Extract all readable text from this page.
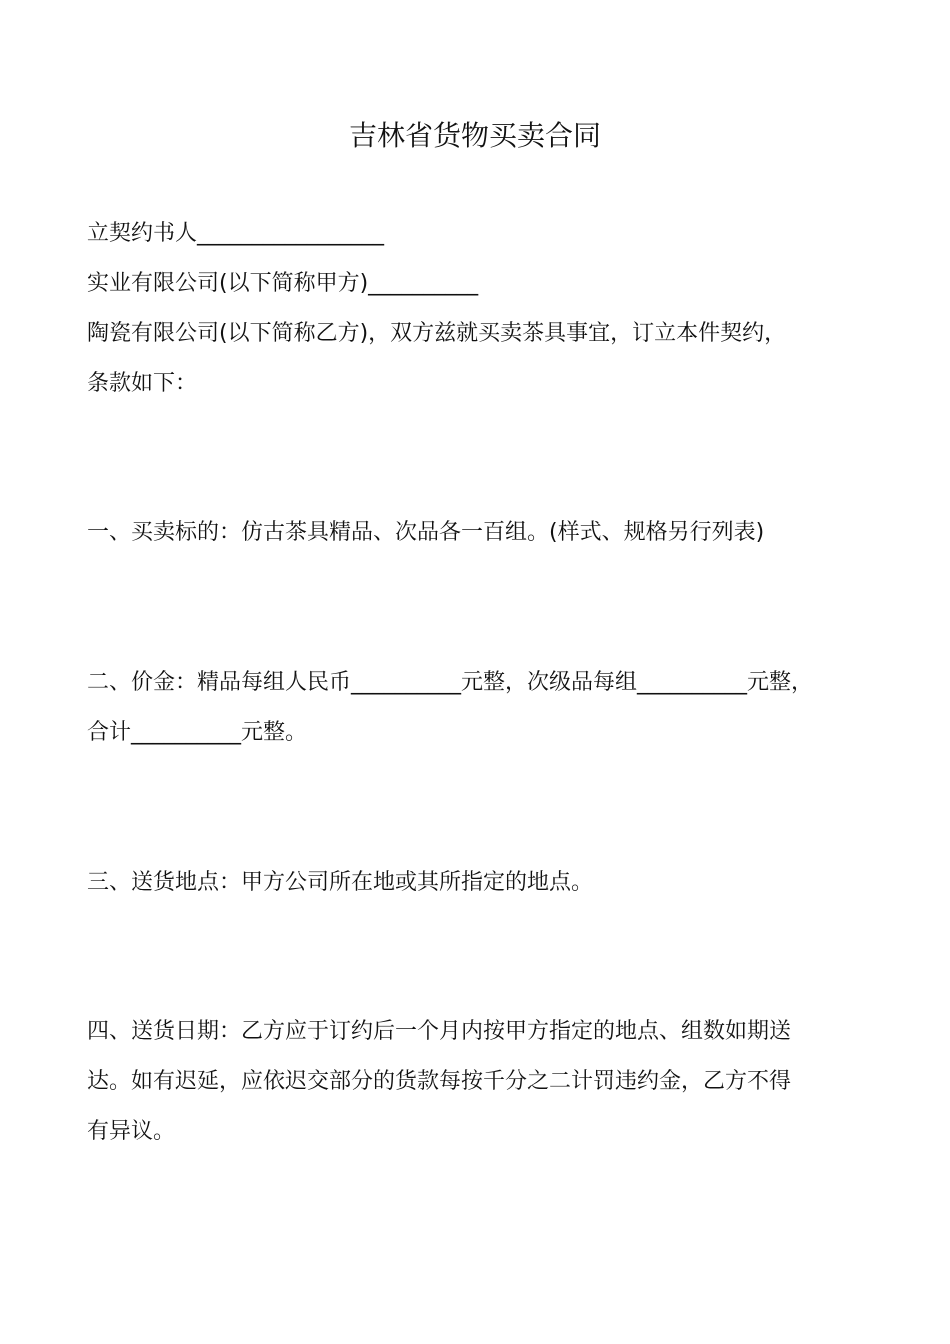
吉林省货物买卖合同

立契约书人_________________

实业有限公司(以下简称甲方)__________

陶瓷有限公司(以下简称乙方)，双方兹就买卖茶具事宜，订立本件契约，

条款如下：

一、买卖标的：仿古茶具精品、次品各一百组。(样式、规格另行列表)

二、价金：精品每组人民币__________元整，次级品每组__________元整，

合计__________元整。

三、送货地点：甲方公司所在地或其所指定的地点。

四、送货日期：乙方应于订约后一个月内按甲方指定的地点、组数如期送

达。如有迟延，应依迟交部分的货款每按千分之二计罚违约金，乙方不得

有异议。
